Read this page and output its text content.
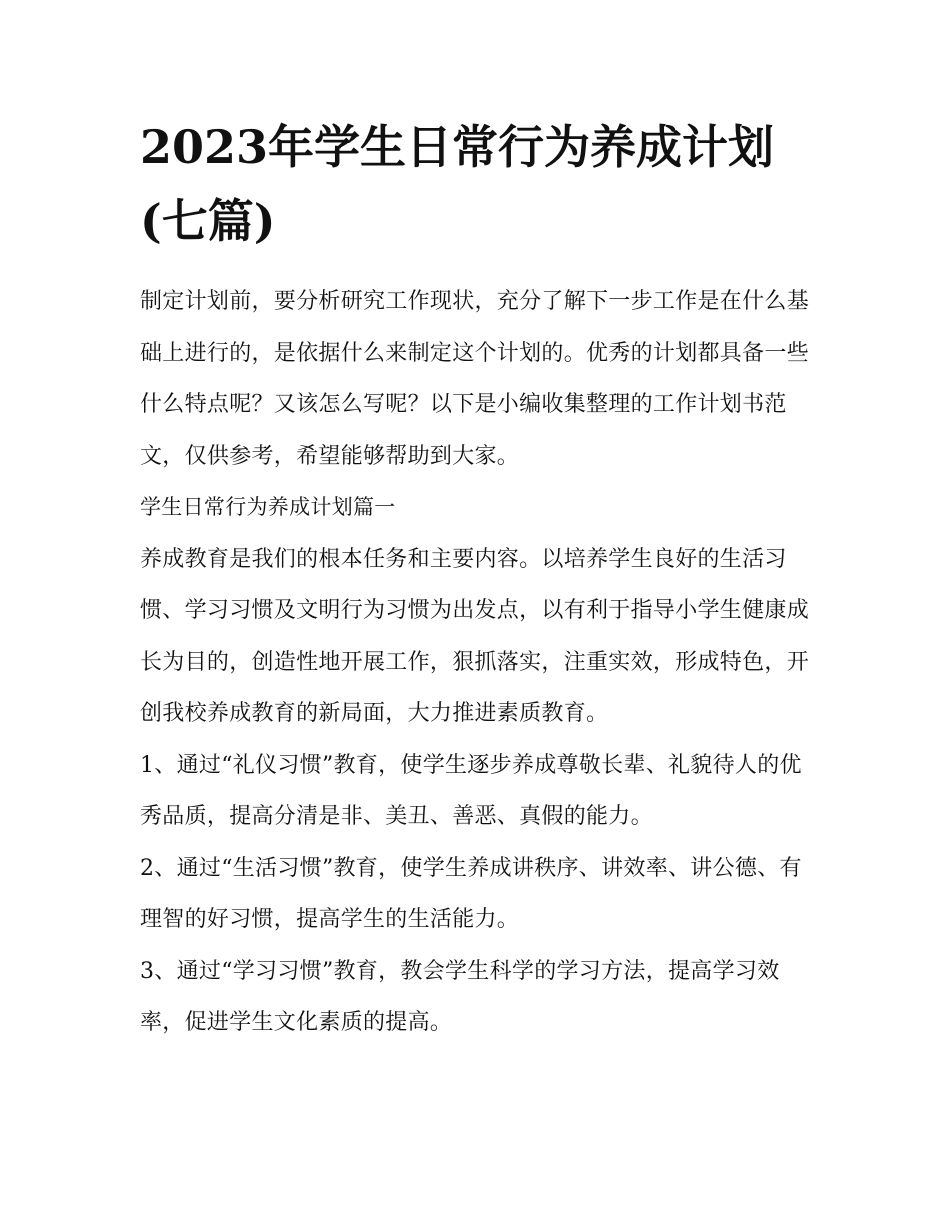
2023年学生日常行为养成计划(七篇)

制定计划前，要分析研究工作现状，充分了解下一步工作是在什么基础上进行的，是依据什么来制定这个计划的。优秀的计划都具备一些什么特点呢？又该怎么写呢？以下是小编收集整理的工作计划书范文，仅供参考，希望能够帮助到大家。

学生日常行为养成计划篇一

养成教育是我们的根本任务和主要内容。以培养学生良好的生活习惯、学习习惯及文明行为习惯为出发点，以有利于指导小学生健康成长为目的，创造性地开展工作，狠抓落实，注重实效，形成特色，开创我校养成教育的新局面，大力推进素质教育。

1、通过“礼仪习惯”教育，使学生逐步养成尊敬长辈、礼貌待人的优秀品质，提高分清是非、美丑、善恶、真假的能力。

2、通过“生活习惯”教育，使学生养成讲秩序、讲效率、讲公德、有理智的好习惯，提高学生的生活能力。

3、通过“学习习惯”教育，教会学生科学的学习方法，提高学习效率，促进学生文化素质的提高。
